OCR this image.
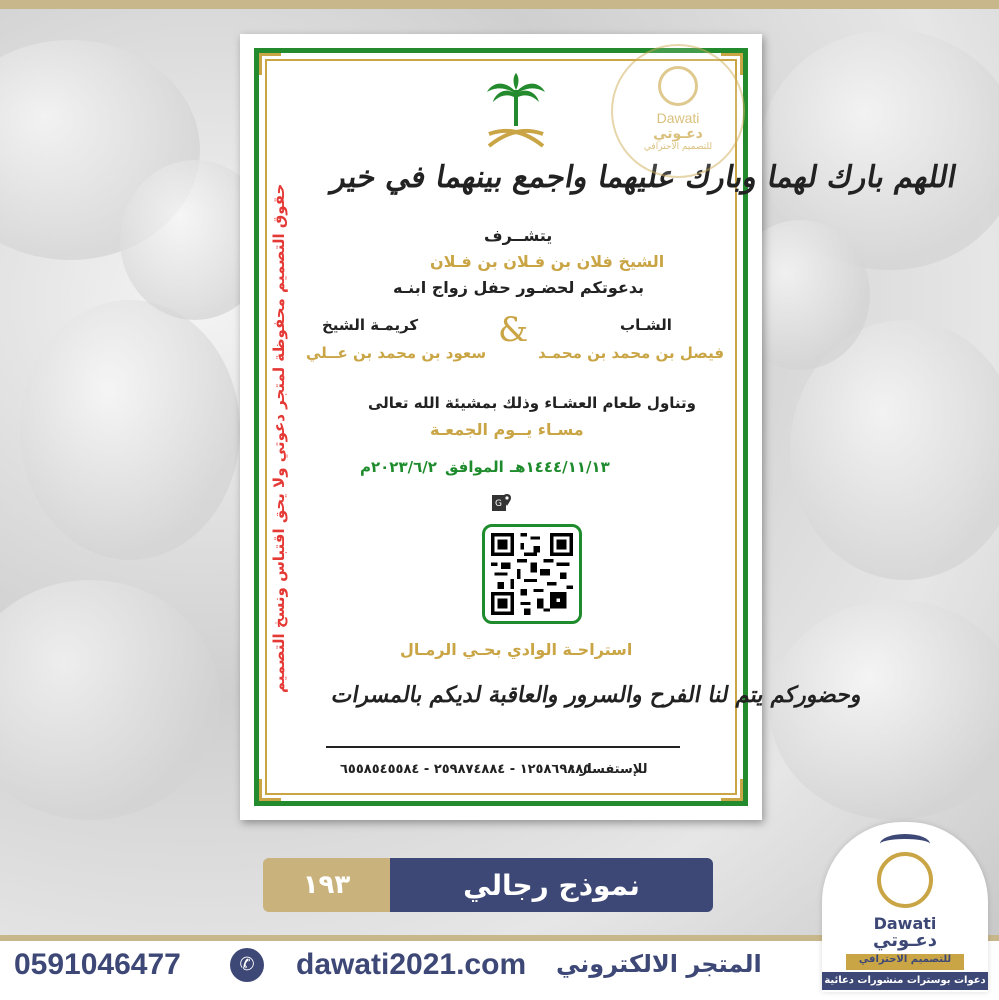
اللهم بارك لهما وبارك عليهما واجمع بينهما في خير
يتشــرف
الشيخ فلان بن فـلان بن فـلان
بدعوتكم لحضـور حفل زواج ابنـه
الشـاب
كريمـة الشيخ &
فيصل بن محمد بن محمـد
سعود بن محمد بن عــلي
وتناول طعام العشـاء وذلك بمشيئة الله تعالى
مسـاء يــوم الجمعـة
١٤٤٤/١١/١٣هـ
الموافق
٢٠٢٣/٦/٢م
G
استراحـة الوادي بحـي الرمـال
وحضوركم يتم لنا الفرح والسرور والعاقبة لديكم بالمسرات
للإستفسار :
١٢٥٨٦٩٨٨٥ - ٢٥٩٨٧٤٨٨٤ - ٦٥٥٨٥٤٥٥٨٤
حقوق التصميم محفوظة لمتجر دعوتي ولا يحق اقتباس ونسخ التصميم
Dawati
دعـوتي
للتصميم الاحترافي
١٩٣	نموذج رجالي
0591046477	✆	dawati2021.com المتجر الالكتروني
Dawati
دعـوتي
للتصميم الاحترافي
دعوات بوسترات منشورات دعائية
